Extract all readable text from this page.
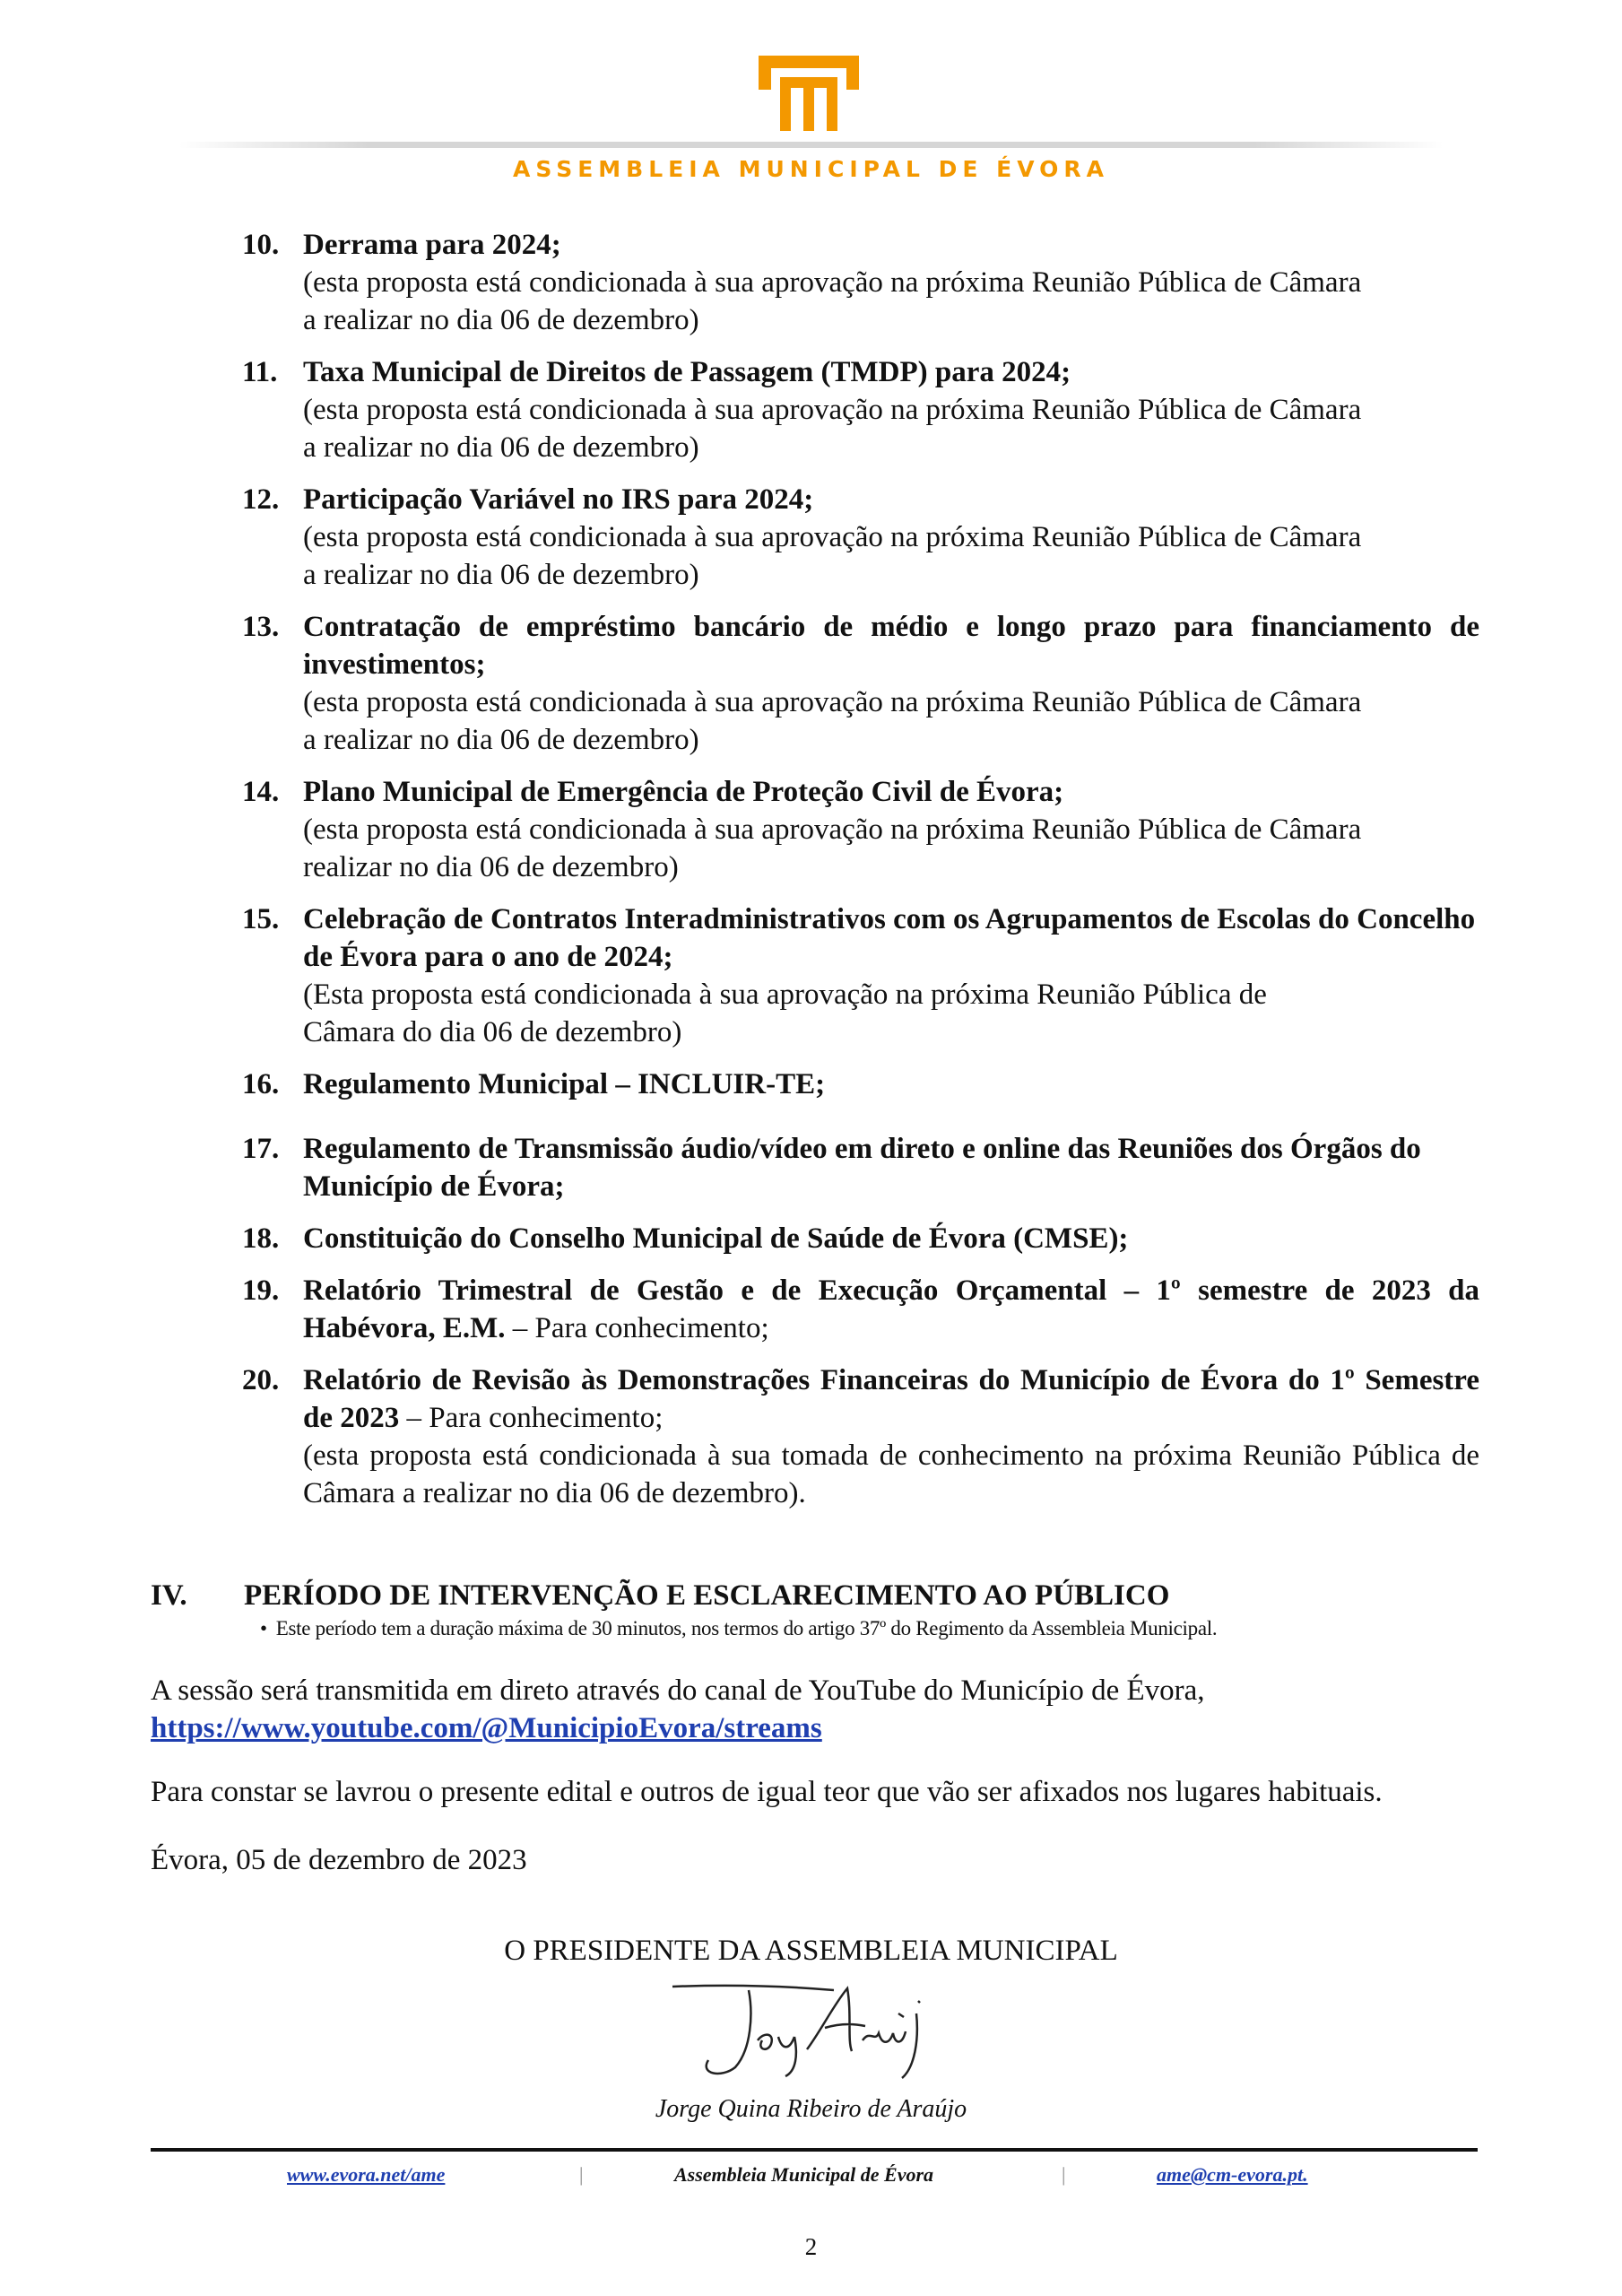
ASSEMBLEIA MUNICIPAL DE ÉVORA
10. Derrama para 2024;
(esta proposta está condicionada à sua aprovação na próxima Reunião Pública de Câmara
a realizar no dia 06 de dezembro)
11. Taxa Municipal de Direitos de Passagem (TMDP) para 2024;
(esta proposta está condicionada à sua aprovação na próxima Reunião Pública de Câmara
a realizar no dia 06 de dezembro)
12. Participação Variável no IRS para 2024;
(esta proposta está condicionada à sua aprovação na próxima Reunião Pública de Câmara
a realizar no dia 06 de dezembro)
13. Contratação de empréstimo bancário de médio e longo prazo para financiamento de investimentos;
(esta proposta está condicionada à sua aprovação na próxima Reunião Pública de Câmara
a realizar no dia 06 de dezembro)
14. Plano Municipal de Emergência de Proteção Civil de Évora;
(esta proposta está condicionada à sua aprovação na próxima Reunião Pública de Câmara
realizar no dia 06 de dezembro)
15. Celebração de Contratos Interadministrativos com os Agrupamentos de Escolas do Concelho de Évora para o ano de 2024;
(Esta proposta está condicionada à sua aprovação na próxima Reunião Pública de
Câmara do dia 06 de dezembro)
16. Regulamento Municipal – INCLUIR-TE;
17. Regulamento de Transmissão áudio/vídeo em direto e online das Reuniões dos Órgãos do Município de Évora;
18. Constituição do Conselho Municipal de Saúde de Évora (CMSE);
19. Relatório Trimestral de Gestão e de Execução Orçamental – 1º semestre de 2023 da Habévora, E.M. – Para conhecimento;
20. Relatório de Revisão às Demonstrações Financeiras do Município de Évora do 1º Semestre de 2023 – Para conhecimento;
(esta proposta está condicionada à sua tomada de conhecimento na próxima Reunião Pública de Câmara a realizar no dia 06 de dezembro).
IV. PERÍODO DE INTERVENÇÃO E ESCLARECIMENTO AO PÚBLICO
• Este período tem a duração máxima de 30 minutos, nos termos do artigo 37º do Regimento da Assembleia Municipal.
A sessão será transmitida em direto através do canal de YouTube do Município de Évora,
https://www.youtube.com/@MunicipioEvora/streams
Para constar se lavrou o presente edital e outros de igual teor que vão ser afixados nos lugares habituais.
Évora, 05 de dezembro de 2023
O PRESIDENTE DA ASSEMBLEIA MUNICIPAL
Jorge Quina Ribeiro de Araújo
www.evora.net/ame	|	Assembleia Municipal de Évora	|	ame@cm-evora.pt.
2
